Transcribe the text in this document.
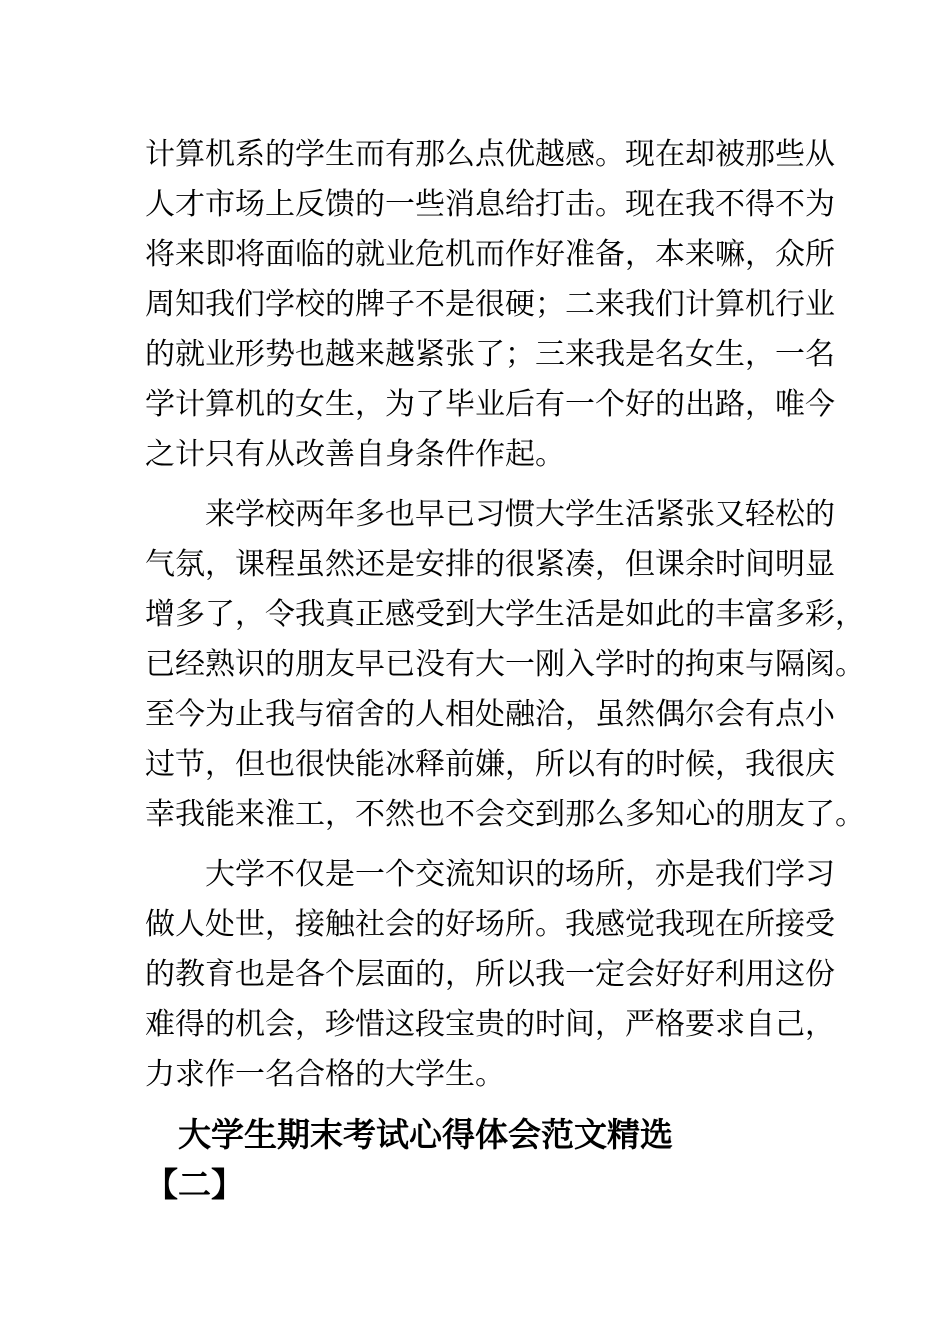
计算机系的学生而有那么点优越感。现在却被那些从
人才市场上反馈的一些消息给打击。现在我不得不为
将来即将面临的就业危机而作好准备，本来嘛，众所
周知我们学校的牌子不是很硬；二来我们计算机行业
的就业形势也越来越紧张了；三来我是名女生，一名
学计算机的女生，为了毕业后有一个好的出路，唯今
之计只有从改善自身条件作起。
　　来学校两年多也早已习惯大学生活紧张又轻松的
气氛，课程虽然还是安排的很紧凑，但课余时间明显
增多了，令我真正感受到大学生活是如此的丰富多彩，
已经熟识的朋友早已没有大一刚入学时的拘束与隔阂。
至今为止我与宿舍的人相处融洽，虽然偶尔会有点小
过节，但也很快能冰释前嫌，所以有的时候，我很庆
幸我能来淮工，不然也不会交到那么多知心的朋友了。
　　大学不仅是一个交流知识的场所，亦是我们学习
做人处世，接触社会的好场所。我感觉我现在所接受
的教育也是各个层面的，所以我一定会好好利用这份
难得的机会，珍惜这段宝贵的时间，严格要求自己，
力求作一名合格的大学生。
　大学生期末考试心得体会范文精选
【二】
